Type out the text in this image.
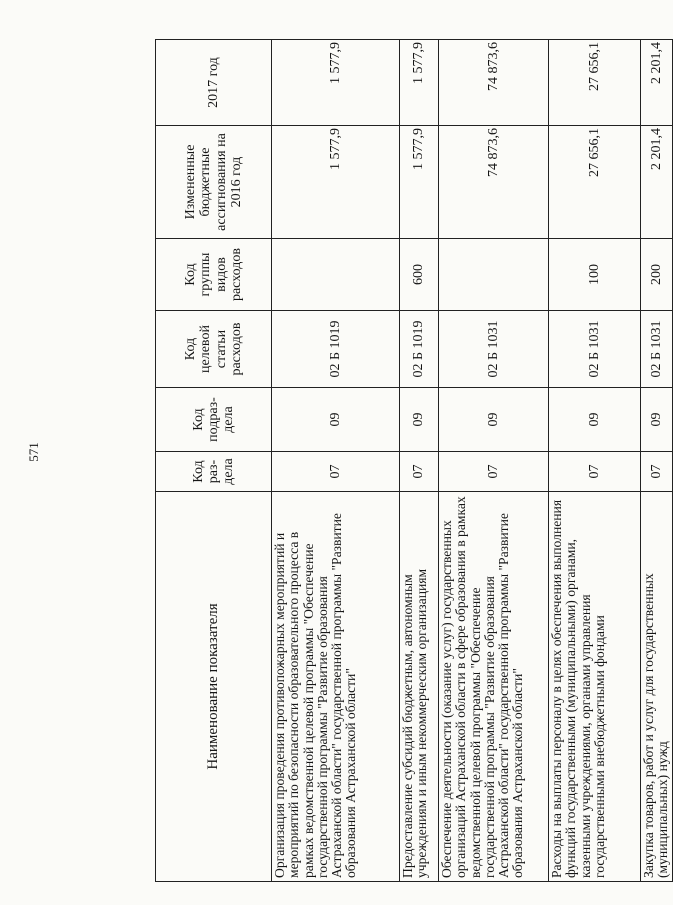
571
Наименование показателя	Код раз-дела	Код подраз-дела	Код целевой статьи расходов	Код группы видов расходов	Измененные бюджетные ассигнования на 2016 год	2017 год
Организация проведения противопожарных мероприятий и мероприятий по безопасности образовательного процесса в рамках ведомственной целевой программы "Обеспечение государственной программы "Развитие образования Астраханской области" государственной программы "Развитие образования Астраханской области"	07	09	02 Б 1019		1 577,9	1 577,9
Предоставление субсидий бюджетным, автономным учреждениям и иным некоммерческим организациям	07	09	02 Б 1019	600	1 577,9	1 577,9
Обеспечение деятельности (оказание услуг) государственных организаций Астраханской области в сфере образования в рамках ведомственной целевой программы "Обеспечение государственной программы "Развитие образования Астраханской области" государственной программы "Развитие образования Астраханской области"	07	09	02 Б 1031		74 873,6	74 873,6
Расходы на выплаты персоналу в целях обеспечения выполнения функций государственными (муниципальными) органами, казенными учреждениями, органами управления государственными внебюджетными фондами	07	09	02 Б 1031	100	27 656,1	27 656,1
Закупка товаров, работ и услуг для государственных (муниципальных) нужд	07	09	02 Б 1031	200	2 201,4	2 201,4
